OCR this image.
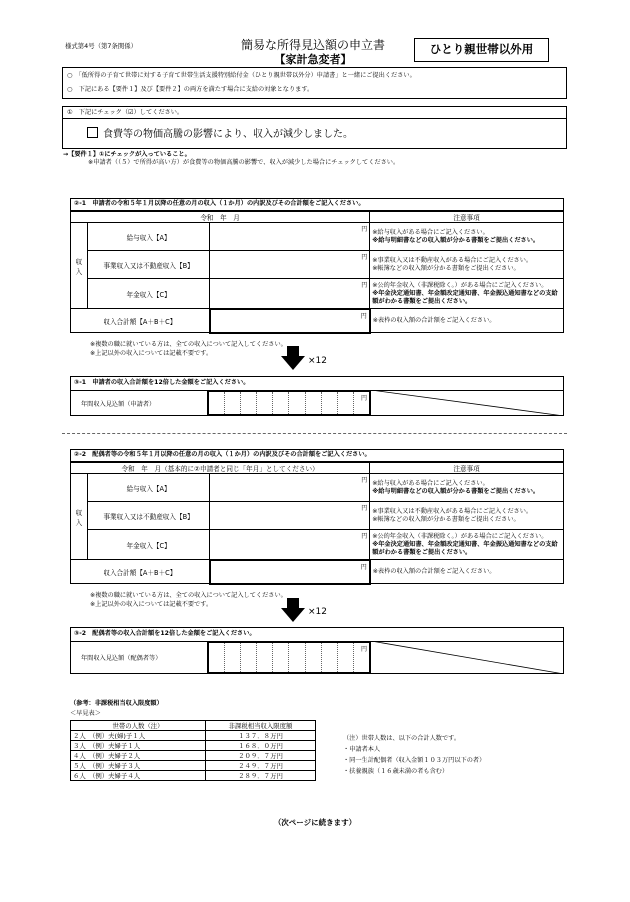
様式第4号（第7条関係）	簡易な所得見込額の申立書
【家計急変者】
ひとり親世帯以外用
○　「低所得の子育て世帯に対する子育て世帯生活支援特別給付金（ひとり親世帯以外分）申請書」と一緒にご提出ください。
○　下記にある【要件１】及び【要件２】の両方を満たす場合に支給の対象となります。
①　下記にチェック（☑）してください。
食費等の物価高騰の影響により、収入が減少しました。
→【要件１】①にチェックが入っていること。
※申請者（（５）で所得が高い方）が食費等の物価高騰の影響で、収入が減少した場合にチェックしてください。
②-1　申請者の令和５年１月以降の任意の月の収入（１か月）の内訳及びその合計額をご記入ください。
令和　年　月			注意事項
収入	給与収入【A】	円	※給与収入がある場合にご記入ください。
※給与明細書などの収入額が分かる書類をご提出ください。

	事業収入又は不動産収入【B】	円	※事業収入又は不動産収入がある場合にご記入ください。
※帳簿などの収入額が分かる書類をご提出ください。

	年金収入【C】	円	※公的年金収入（非課税除く。）がある場合にご記入ください。
※年金決定通知書、年金額改定通知書、年金振込通知書などの支給額がわかる書類をご提出ください。

収入合計額【A＋B＋C】		円	※表枠の収入額の合計額をご記入ください。
※複数の職に就いている方は、全ての収入について記入してください。
※上記以外の収入については記載不要です。
×12
③-1　申請者の収入合計額を12倍した金額をご記入ください。
年間収入見込額（申請者）
円
②-2　配偶者等の令和５年１月以降の任意の月の収入（１か月）の内訳及びその合計額をご記入ください。
令和　年　月（基本的に②申請者と同じ「年月」としてください）			注意事項
収入	給与収入【A】	円	※給与収入がある場合にご記入ください。
※給与明細書などの収入額が分かる書類をご提出ください。

	事業収入又は不動産収入【B】	円	※事業収入又は不動産収入がある場合にご記入ください。
※帳簿などの収入額が分かる書類をご提出ください。

	年金収入【C】	円	※公的年金収入（非課税除く。）がある場合にご記入ください。
※年金決定通知書、年金額改定通知書、年金振込通知書などの支給額がわかる書類をご提出ください。

収入合計額【A＋B＋C】		円	※表枠の収入額の合計額をご記入ください。
※複数の職に就いている方は、全ての収入について記入してください。
※上記以外の収入については記載不要です。
×12
③-2　配偶者等の収入合計額を12倍した金額をご記入ください。
年間収入見込額（配偶者等）
円
（参考：非課税相当収入限度額）
＜早見表＞
世帯の人数（注）	非課税相当収入限度額
２人　（例）夫(婦)子１人	１３７．８万円
３人　（例）夫婦子１人	１６８．０万円
４人　（例）夫婦子２人	２０９．７万円
５人　（例）夫婦子３人	２４９．７万円
６人　（例）夫婦子４人	２８９．７万円
（注）世帯人数は、以下の合計人数です。
・申請者本人
・同一生計配偶者（収入金額１０３万円以下の者）
・扶養親族（１６歳未満の者も含む）
（次ページに続きます）
